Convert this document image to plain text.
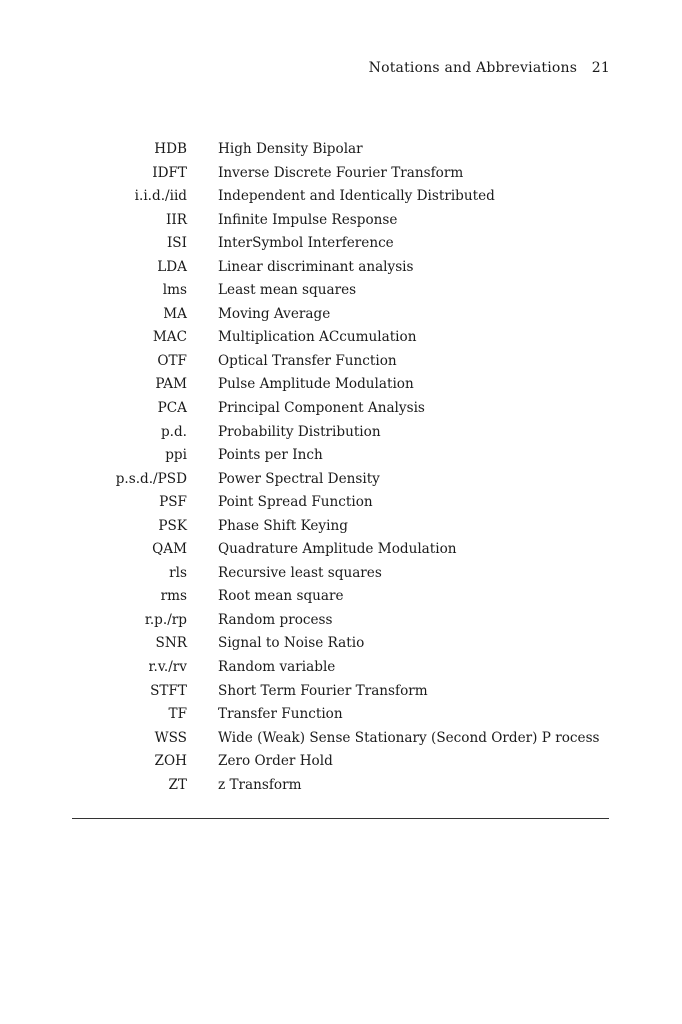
Notations and Abbreviations 21
HDB High Density Bipolar
IDFT Inverse Discrete Fourier Transform
i.i.d./iid Independent and Identically Distributed
IIR Infinite Impulse Response
ISI InterSymbol Interference
LDA Linear discriminant analysis
lms Least mean squares
MA Moving Average
MAC Multiplication ACcumulation
OTF Optical Transfer Function
PAM Pulse Amplitude Modulation
PCA Principal Component Analysis
p.d. Probability Distribution
ppi Points per Inch
p.s.d./PSD Power Spectral Density
PSF Point Spread Function
PSK Phase Shift Keying
QAM Quadrature Amplitude Modulation
rls Recursive least squares
rms Root mean square
r.p./rp Random process
SNR Signal to Noise Ratio
r.v./rv Random variable
STFT Short Term Fourier Transform
TF Transfer Function
WSS Wide (Weak) Sense Stationary (Second Order) P rocess
ZOH Zero Order Hold
ZT z Transform
